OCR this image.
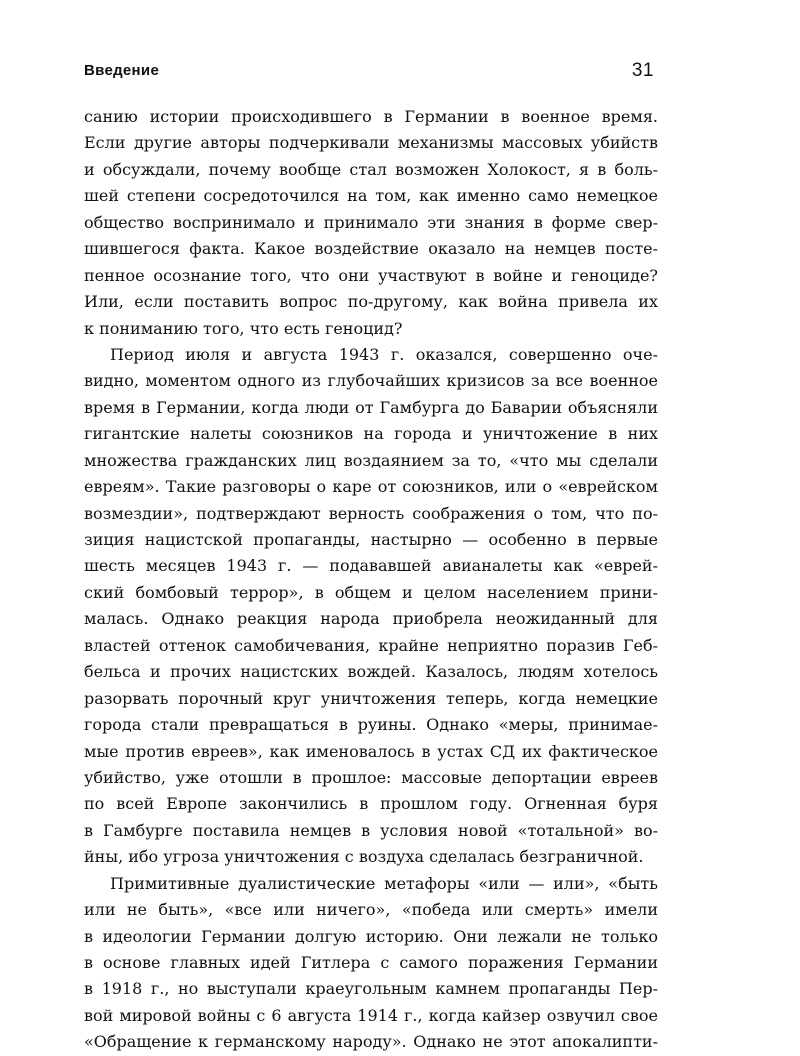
Введение	31

санию истории происходившего в Германии в военное время.
Если другие авторы подчеркивали механизмы массовых убийств
и обсуждали, почему вообще стал возможен Холокост, я в боль-
шей степени сосредоточился на том, как именно само немецкое
общество воспринимало и принимало эти знания в форме свер-
шившегося факта. Какое воздействие оказало на немцев посте-
пенное осознание того, что они участвуют в войне и геноциде?
Или, если поставить вопрос по-другому, как война привела их
к пониманию того, что есть геноцид?

Период июля и августа 1943 г. оказался, совершенно оче-
видно, моментом одного из глубочайших кризисов за все военное
время в Германии, когда люди от Гамбурга до Баварии объясняли
гигантские налеты союзников на города и уничтожение в них
множества гражданских лиц воздаянием за то, «что мы сделали
евреям». Такие разговоры о каре от союзников, или о «еврейском
возмездии», подтверждают верность соображения о том, что по-
зиция нацистской пропаганды, настырно — особенно в первые
шесть месяцев 1943 г. — подававшей авианалеты как «еврей-
ский бомбовый террор», в общем и целом населением прини-
малась. Однако реакция народа приобрела неожиданный для
властей оттенок самобичевания, крайне неприятно поразив Геб-
бельса и прочих нацистских вождей. Казалось, людям хотелось
разорвать порочный круг уничтожения теперь, когда немецкие
города стали превращаться в руины. Однако «меры, принимае-
мые против евреев», как именовалось в устах СД их фактическое
убийство, уже отошли в прошлое: массовые депортации евреев
по всей Европе закончились в прошлом году. Огненная буря
в Гамбурге поставила немцев в условия новой «тотальной» во-
йны, ибо угроза уничтожения с воздуха сделалась безграничной.

Примитивные дуалистические метафоры «или — или», «быть
или не быть», «все или ничего», «победа или смерть» имели
в идеологии Германии долгую историю. Они лежали не только
в основе главных идей Гитлера с самого поражения Германии
в 1918 г., но выступали краеугольным камнем пропаганды Пер-
вой мировой войны с 6 августа 1914 г., когда кайзер озвучил свое
«Обращение к германскому народу». Однако не этот апокалипти-
